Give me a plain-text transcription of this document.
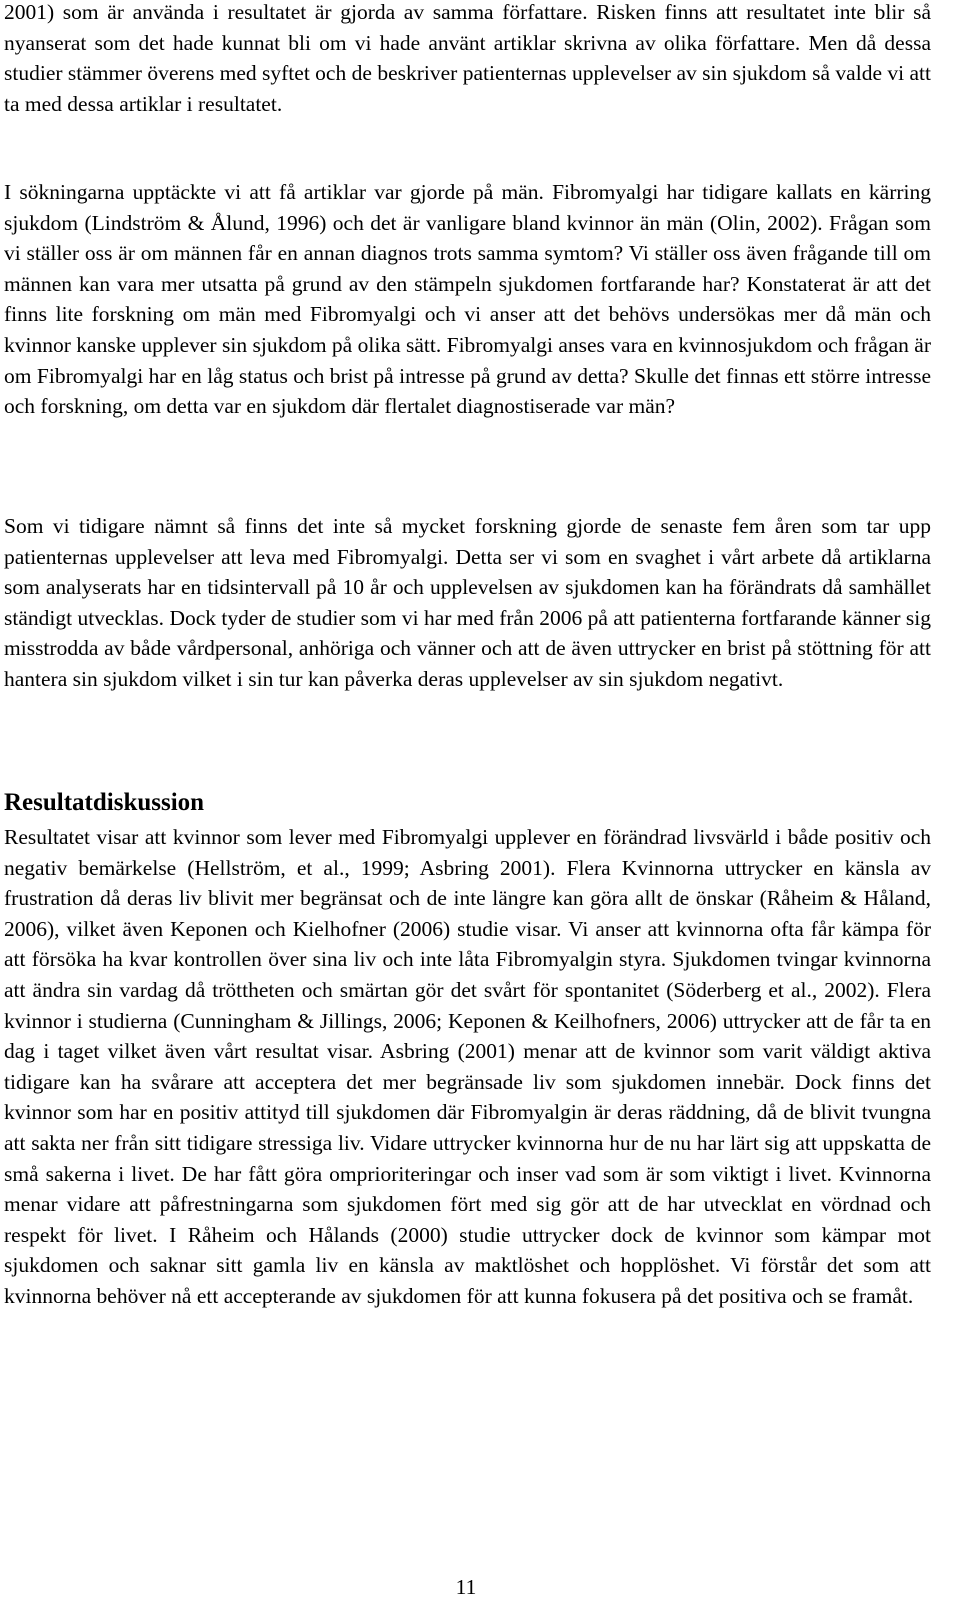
2001) som är använda i resultatet är gjorda av samma författare. Risken finns att resultatet inte blir så nyanserat som det hade kunnat bli om vi hade använt artiklar skrivna av olika författare. Men då dessa studier stämmer överens med syftet och de beskriver patienternas upplevelser av sin sjukdom så valde vi att ta med dessa artiklar i resultatet.

I sökningarna upptäckte vi att få artiklar var gjorde på män. Fibromyalgi har tidigare kallats en kärring sjukdom (Lindström & Ålund, 1996) och det är vanligare bland kvinnor än män (Olin, 2002). Frågan som vi ställer oss är om männen får en annan diagnos trots samma symtom? Vi ställer oss även frågande till om männen kan vara mer utsatta på grund av den stämpeln sjukdomen fortfarande har? Konstaterat är att det finns lite forskning om män med Fibromyalgi och vi anser att det behövs undersökas mer då män och kvinnor kanske upplever sin sjukdom på olika sätt. Fibromyalgi anses vara en kvinnosjukdom och frågan är om Fibromyalgi har en låg status och brist på intresse på grund av detta? Skulle det finnas ett större intresse och forskning, om detta var en sjukdom där flertalet diagnostiserade var män?

Som vi tidigare nämnt så finns det inte så mycket forskning gjorde de senaste fem åren som tar upp patienternas upplevelser att leva med Fibromyalgi. Detta ser vi som en svaghet i vårt arbete då artiklarna som analyserats har en tidsintervall på 10 år och upplevelsen av sjukdomen kan ha förändrats då samhället ständigt utvecklas. Dock tyder de studier som vi har med från 2006 på att patienterna fortfarande känner sig misstrodda av både vårdpersonal, anhöriga och vänner och att de även uttrycker en brist på stöttning för att hantera sin sjukdom vilket i sin tur kan påverka deras upplevelser av sin sjukdom negativt.

Resultatdiskussion

Resultatet visar att kvinnor som lever med Fibromyalgi upplever en förändrad livsvärld i både positiv och negativ bemärkelse (Hellström, et al., 1999; Asbring 2001). Flera Kvinnorna uttrycker en känsla av frustration då deras liv blivit mer begränsat och de inte längre kan göra allt de önskar (Råheim & Håland, 2006), vilket även Keponen och Kielhofner (2006) studie visar. Vi anser att kvinnorna ofta får kämpa för att försöka ha kvar kontrollen över sina liv och inte låta Fibromyalgin styra. Sjukdomen tvingar kvinnorna att ändra sin vardag då tröttheten och smärtan gör det svårt för spontanitet (Söderberg et al., 2002). Flera kvinnor i studierna (Cunningham & Jillings, 2006; Keponen & Keilhofners, 2006) uttrycker att de får ta en dag i taget vilket även vårt resultat visar. Asbring (2001) menar att de kvinnor som varit väldigt aktiva tidigare kan ha svårare att acceptera det mer begränsade liv som sjukdomen innebär. Dock finns det kvinnor som har en positiv attityd till sjukdomen där Fibromyalgin är deras räddning, då de blivit tvungna att sakta ner från sitt tidigare stressiga liv. Vidare uttrycker kvinnorna hur de nu har lärt sig att uppskatta de små sakerna i livet. De har fått göra omprioriteringar och inser vad som är som viktigt i livet. Kvinnorna menar vidare att påfrestningarna som sjukdomen fört med sig gör att de har utvecklat en vördnad och respekt för livet. I Råheim och Hålands (2000) studie uttrycker dock de kvinnor som kämpar mot sjukdomen och saknar sitt gamla liv en känsla av maktlöshet och hopplöshet. Vi förstår det som att kvinnorna behöver nå ett accepterande av sjukdomen för att kunna fokusera på det positiva och se framåt.

11
